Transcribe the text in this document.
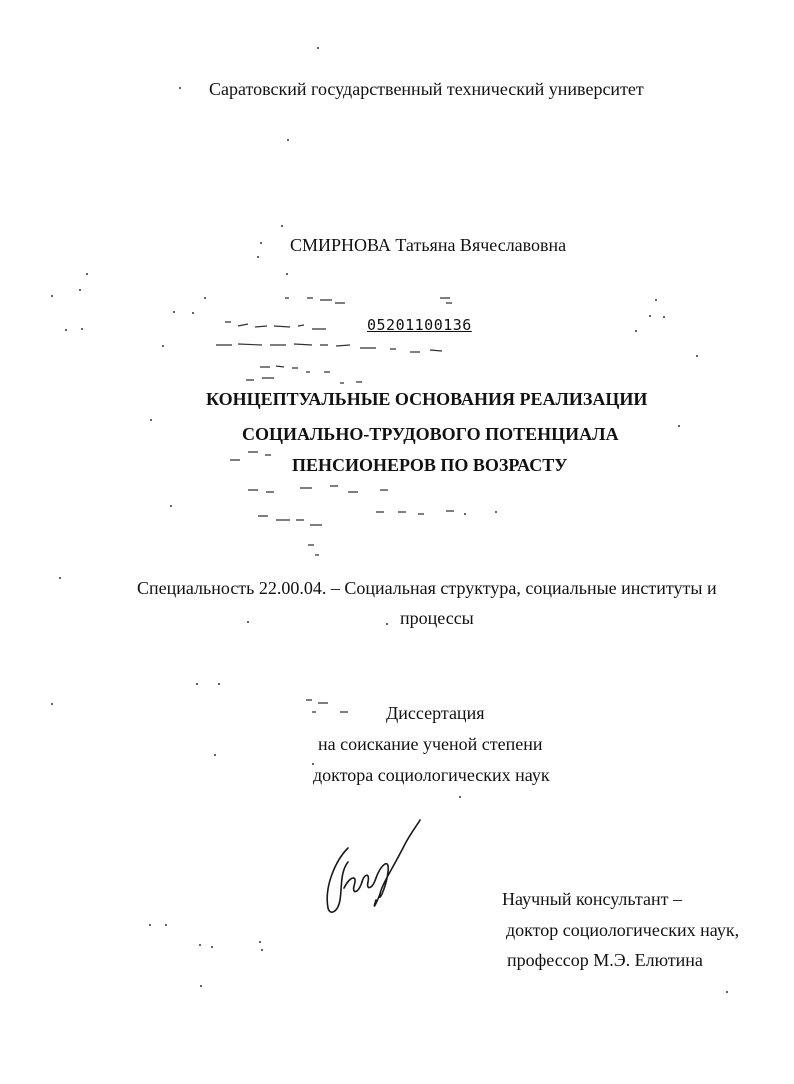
Саратовский государственный технический университет
СМИРНОВА Татьяна Вячеславовна
05201100136
КОНЦЕПТУАЛЬНЫЕ ОСНОВАНИЯ РЕАЛИЗАЦИИ
СОЦИАЛЬНО-ТРУДОВОГО ПОТЕНЦИАЛА
ПЕНСИОНЕРОВ ПО ВОЗРАСТУ
Специальность 22.00.04. – Социальная структура, социальные институты и
процессы
Диссертация
на соискание ученой степени
доктора социологических наук
Научный консультант –
доктор социологических наук,
профессор М.Э. Елютина
